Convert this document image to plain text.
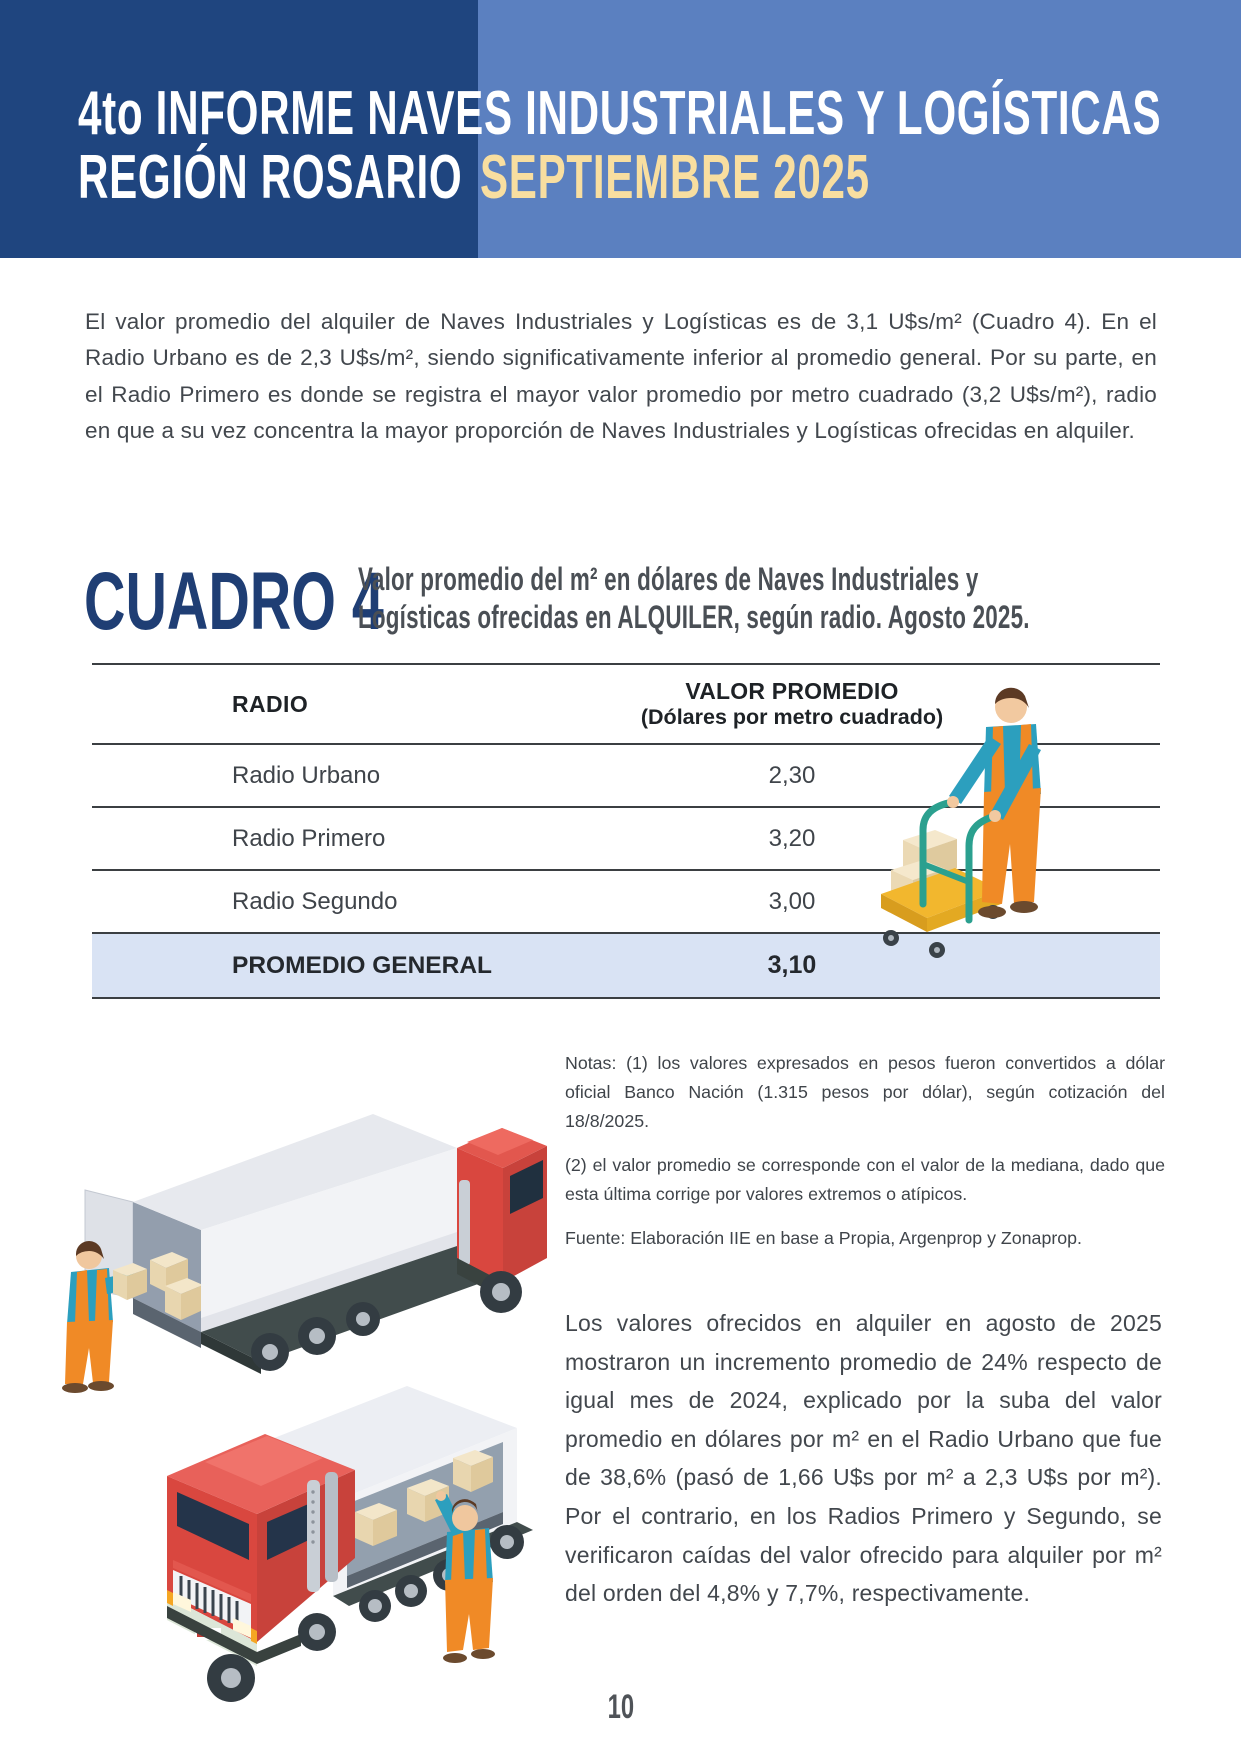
4to INFORME NAVES INDUSTRIALES Y LOGÍSTICAS
REGIÓN ROSARIO SEPTIEMBRE 2025

El valor promedio del alquiler de Naves Industriales y Logísticas es de 3,1 U$s/m² (Cuadro 4). En el Radio Urbano es de 2,3 U$s/m², siendo significativamente inferior al promedio general. Por su parte, en el Radio Primero es donde se registra el mayor valor promedio por metro cuadrado (3,2 U$s/m²), radio en que a su vez concentra la mayor proporción de Naves Industriales y Logísticas ofrecidas en alquiler.

CUADRO 4
Valor promedio del m² en dólares de Naves Industriales y
Logísticas ofrecidas en ALQUILER, según radio. Agosto 2025.
RADIO	VALOR PROMEDIO
(Dólares por metro cuadrado)
Radio Urbano	2,30
Radio Primero	3,20
Radio Segundo	3,00
PROMEDIO GENERAL	3,10

Notas: (1) los valores expresados en pesos fueron convertidos a dólar oficial Banco Nación (1.315 pesos por dólar), según cotización del 18/8/2025.

(2) el valor promedio se corresponde con el valor de la mediana, dado que esta última corrige por valores extremos o atípicos.

Fuente: Elaboración IIE en base a Propia, Argenprop y Zonaprop.

Los valores ofrecidos en alquiler en agosto de 2025 mostraron un incremento promedio de 24% respecto de igual mes de 2024, explicado por la suba del valor promedio en dólares por m² en el Radio Urbano que fue de 38,6% (pasó de 1,66 U$s por m² a 2,3 U$s por m²). Por el contrario, en los Radios Primero y Segundo, se verificaron caídas del valor ofrecido para alquiler por m² del orden del 4,8% y 7,7%, respectivamente.

10
